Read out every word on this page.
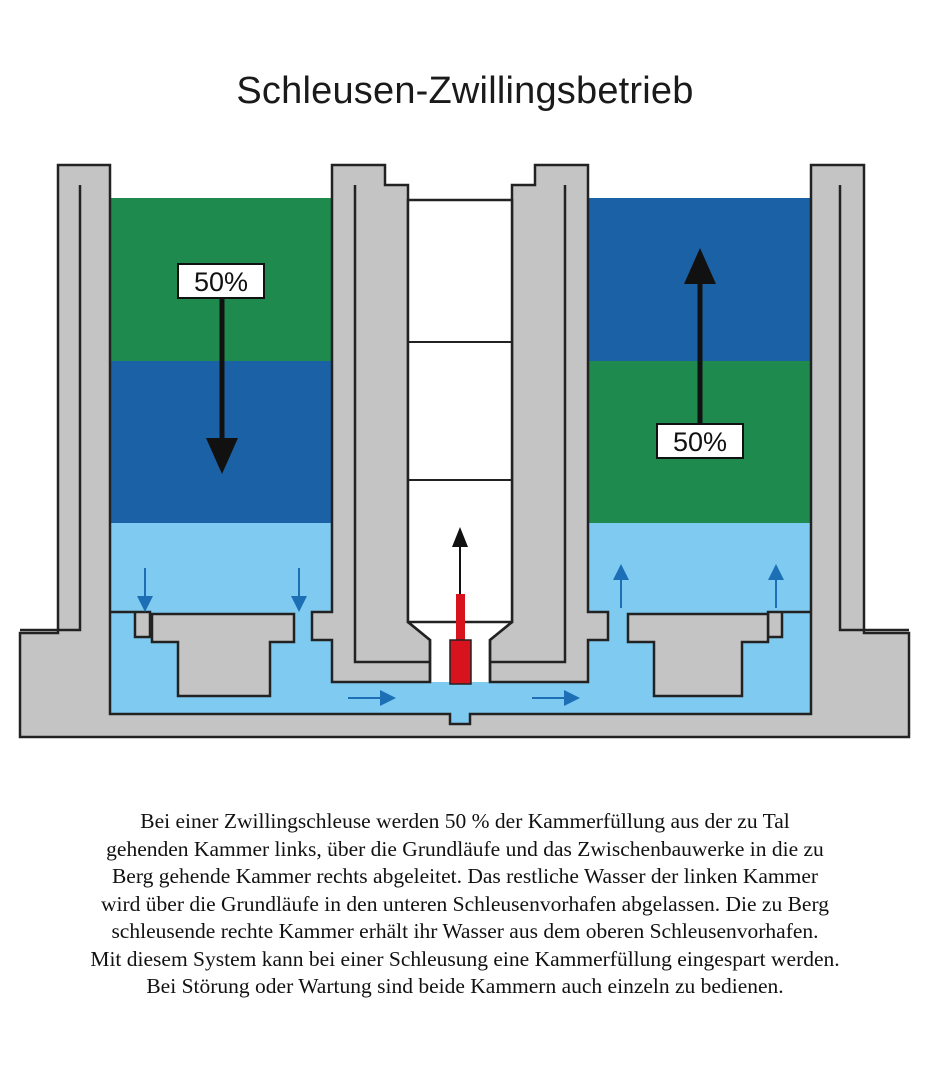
Schleusen-Zwillingsbetrieb
50%
50%
Bei einer Zwillingschleuse werden 50 % der Kammerfüllung aus der zu Tal
gehenden Kammer links, über die Grundläufe und das Zwischenbauwerke in die zu
Berg gehende Kammer rechts abgeleitet. Das restliche Wasser der linken Kammer
wird über die Grundläufe in den unteren Schleusenvorhafen abgelassen. Die zu Berg
schleusende rechte Kammer erhält ihr Wasser aus dem oberen Schleusenvorhafen.
Mit diesem System kann bei einer Schleusung eine Kammerfüllung eingespart werden.
Bei Störung oder Wartung sind beide Kammern auch einzeln zu bedienen.
